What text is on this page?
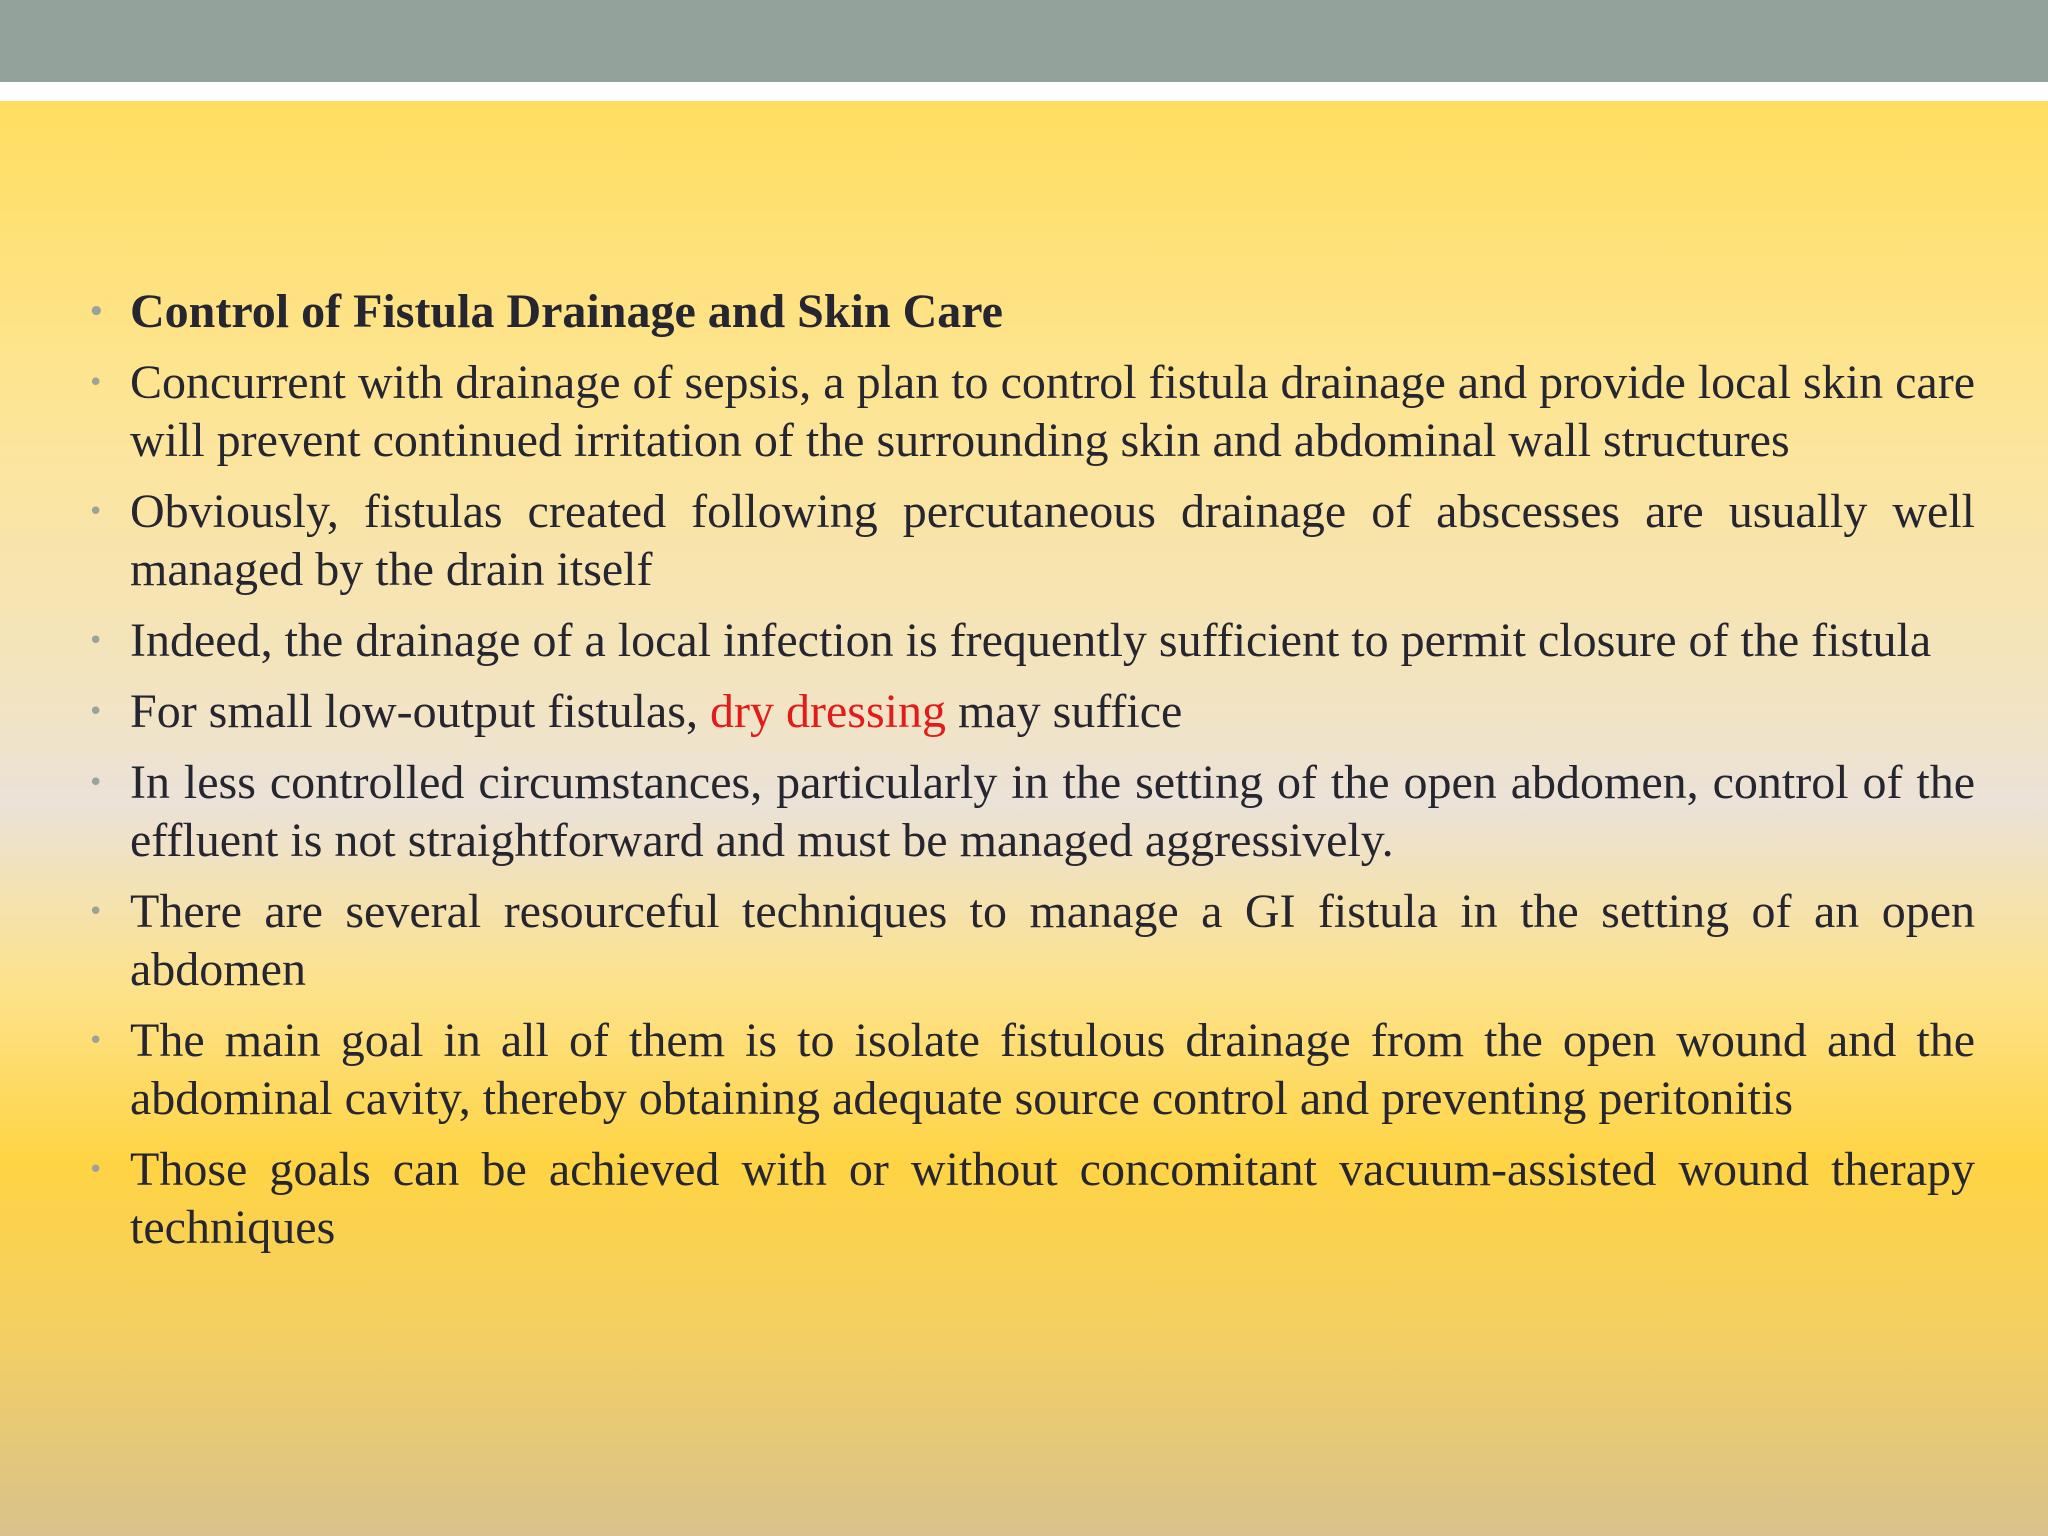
• Control of Fistula Drainage and Skin Care
• Concurrent with drainage of sepsis, a plan to control fistula drainage and provide local skin care will prevent continued irritation of the surrounding skin and abdominal wall structures
• Obviously, fistulas created following percutaneous drainage of abscesses are usually well managed by the drain itself
• Indeed, the drainage of a local infection is frequently sufficient to permit closure of the fistula
• For small low-output fistulas, dry dressing may suffice
• In less controlled circumstances, particularly in the setting of the open abdomen, control of the effluent is not straightforward and must be managed aggressively.
• There are several resourceful techniques to manage a GI fistula in the setting of an open abdomen
• The main goal in all of them is to isolate fistulous drainage from the open wound and the abdominal cavity, thereby obtaining adequate source control and preventing peritonitis
• Those goals can be achieved with or without concomitant vacuum-assisted wound therapy techniques
